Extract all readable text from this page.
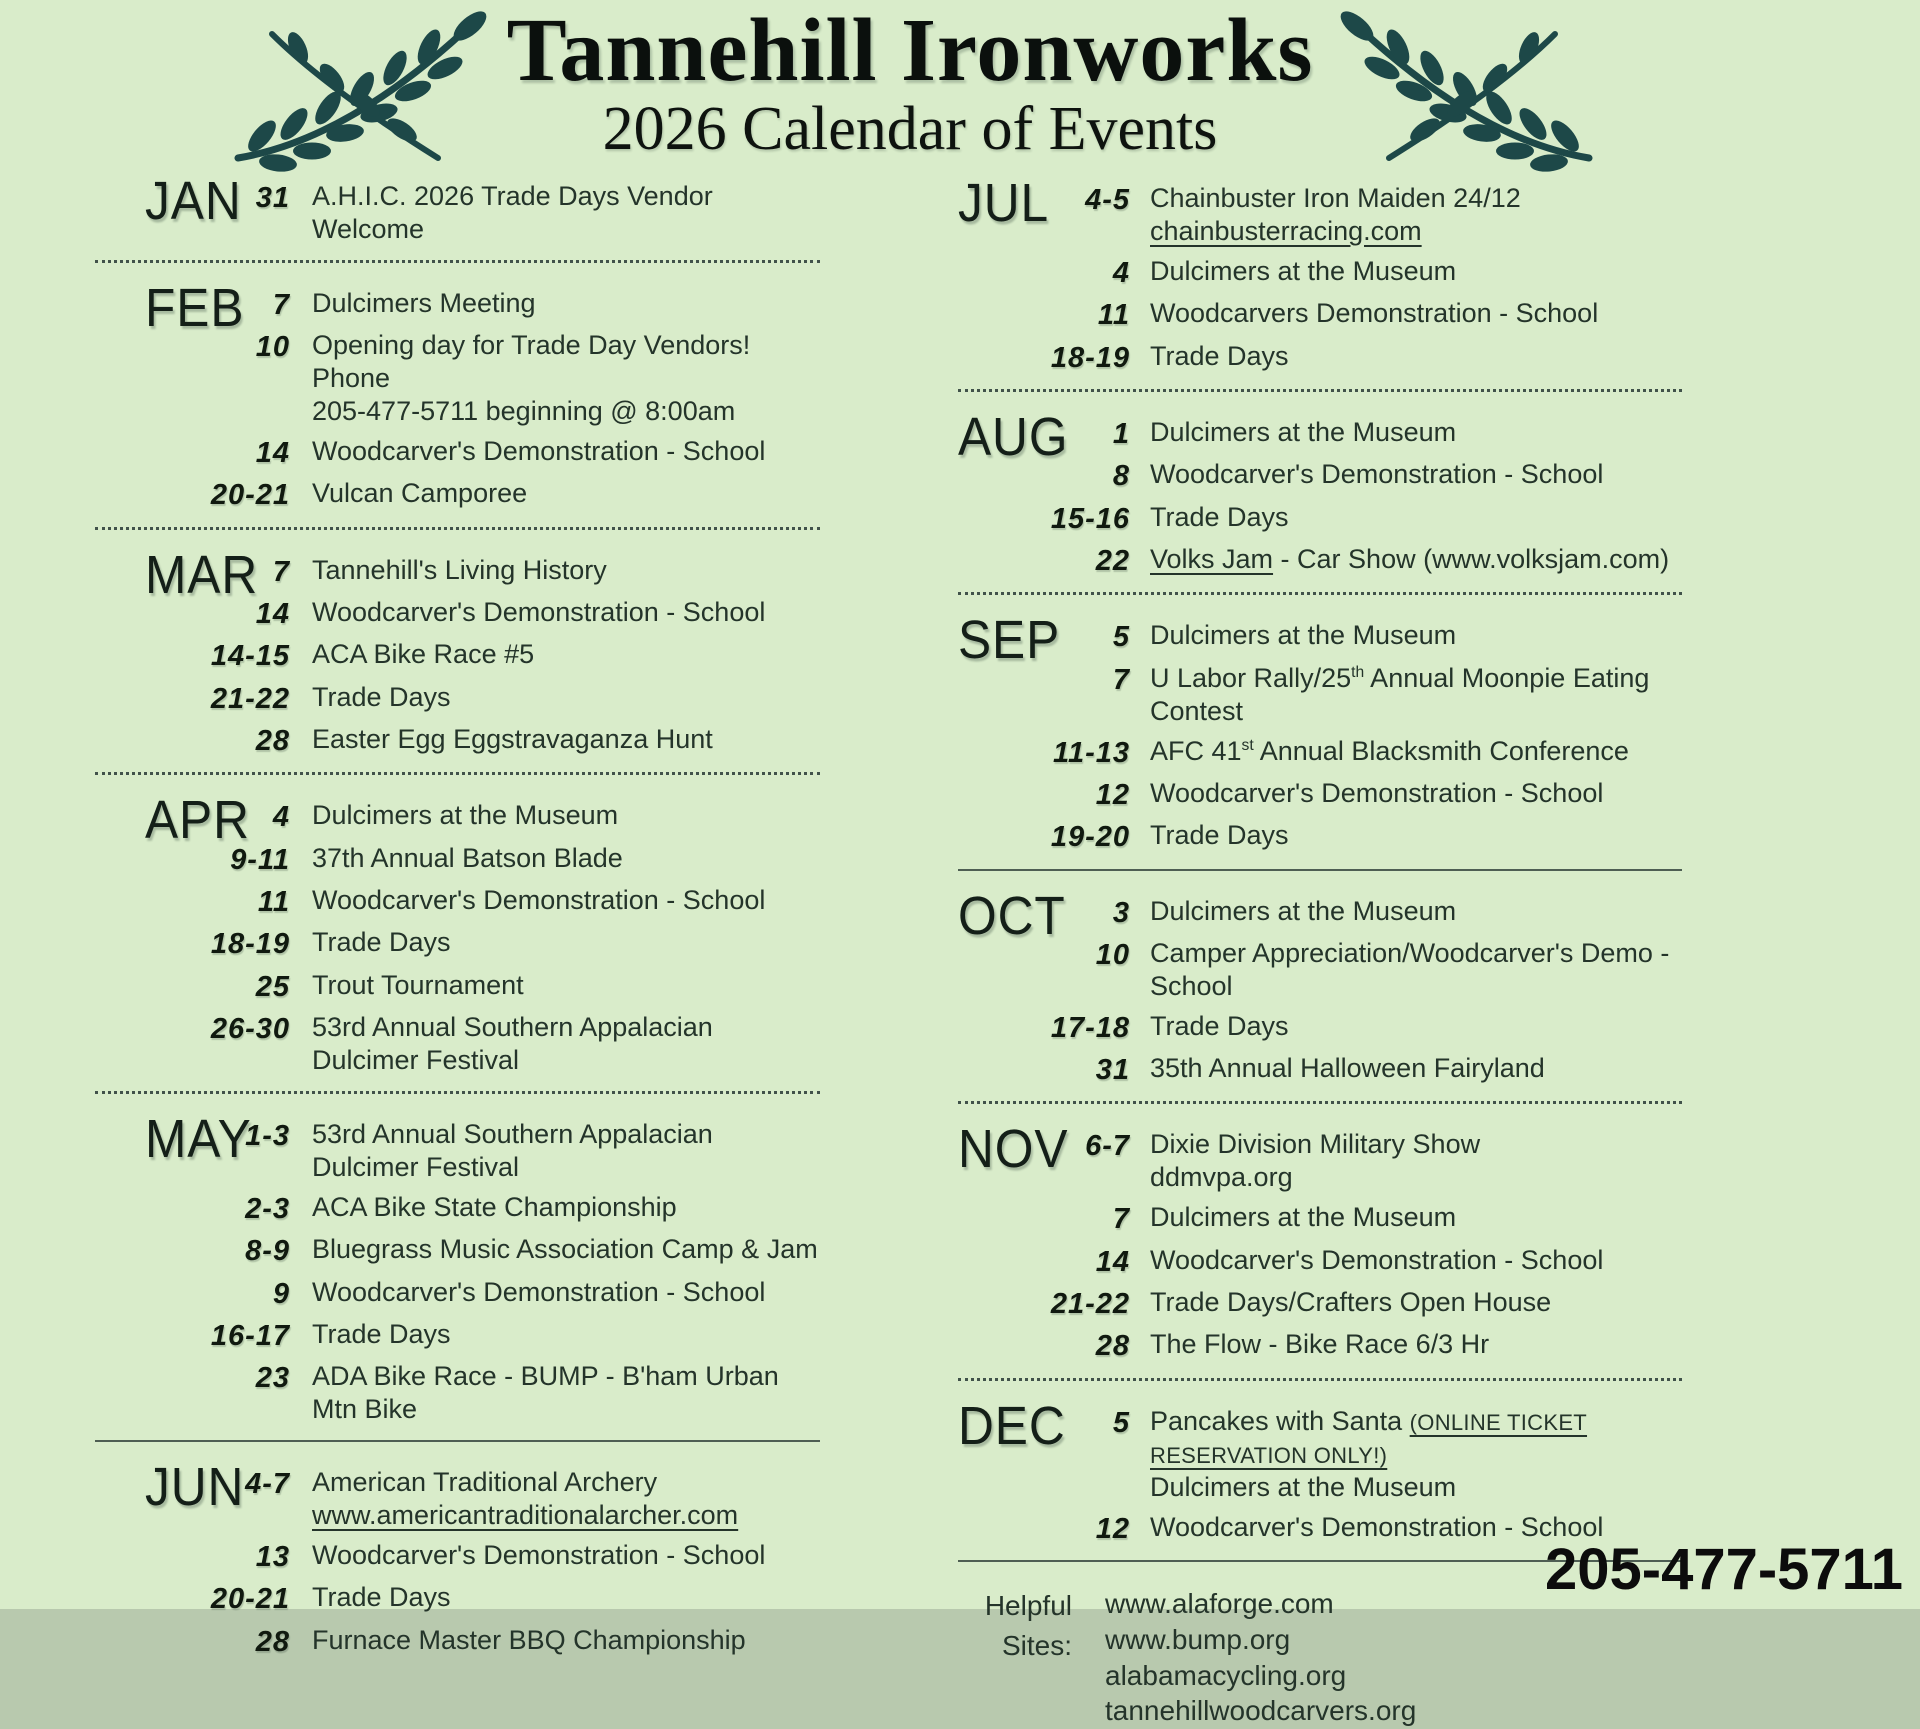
Tannehill Ironworks
2026 Calendar of Events
JAN 31 A.H.I.C. 2026 Trade Days Vendor
Welcome
FEB 7 Dulcimers Meeting
10 Opening day for Trade Day Vendors! Phone
205-477-5711 beginning @ 8:00am
14 Woodcarver's Demonstration - School
20-21 Vulcan Camporee
MAR 7 Tannehill's Living History
14 Woodcarver's Demonstration - School
14-15 ACA Bike Race #5
21-22 Trade Days
28 Easter Egg Eggstravaganza Hunt
APR 4 Dulcimers at the Museum
9-11 37th Annual Batson Blade
11 Woodcarver's Demonstration - School
18-19 Trade Days
25 Trout Tournament
26-30 53rd Annual Southern Appalacian Dulcimer Festival
MAY
1-3 53rd Annual Southern Appalacian Dulcimer Festival
2-3 ACA Bike State Championship
8-9 Bluegrass Music Association Camp & Jam
9 Woodcarver's Demonstration - School
16-17 Trade Days
23 ADA Bike Race - BUMP - B'ham Urban Mtn Bike
JUN 4-7 American Traditional Archery
www.americantraditionalarcher.com
13 Woodcarver's Demonstration - School
20-21 Trade Days
28 Furnace Master BBQ Championship
JUL	4-5 Chainbuster Iron Maiden 24/12
chainbusterracing.com
4 Dulcimers at the Museum
11 Woodcarvers Demonstration - School
18-19 Trade Days
AUG	1 Dulcimers at the Museum
8 Woodcarver's Demonstration - School
15-16 Trade Days
22 Volks Jam - Car Show (www.volksjam.com)
SEP	5 Dulcimers at the Museum
7 U Labor Rally/25th Annual Moonpie Eating
Contest
11-13 AFC 41st Annual Blacksmith Conference
12 Woodcarver's Demonstration - School
19-20 Trade Days
OCT	3 Dulcimers at the Museum
10 Camper Appreciation/Woodcarver's Demo - School
17-18 Trade Days
31 35th Annual Halloween Fairyland
NOV 6-7 Dixie Division Military Show
ddmvpa.org
7 Dulcimers at the Museum
14 Woodcarver's Demonstration - School
21-22 Trade Days/Crafters Open House
28 The Flow - Bike Race 6/3 Hr
DEC	5 Pancakes with Santa (ONLINE TICKET RESERVATION ONLY!)
Dulcimers at the Museum
12 Woodcarver's Demonstration - School
Helpful
Sites:
www.alaforge.com
www.bump.org
alabamacycling.org
tannehillwoodcarvers.org
205-477-5711
